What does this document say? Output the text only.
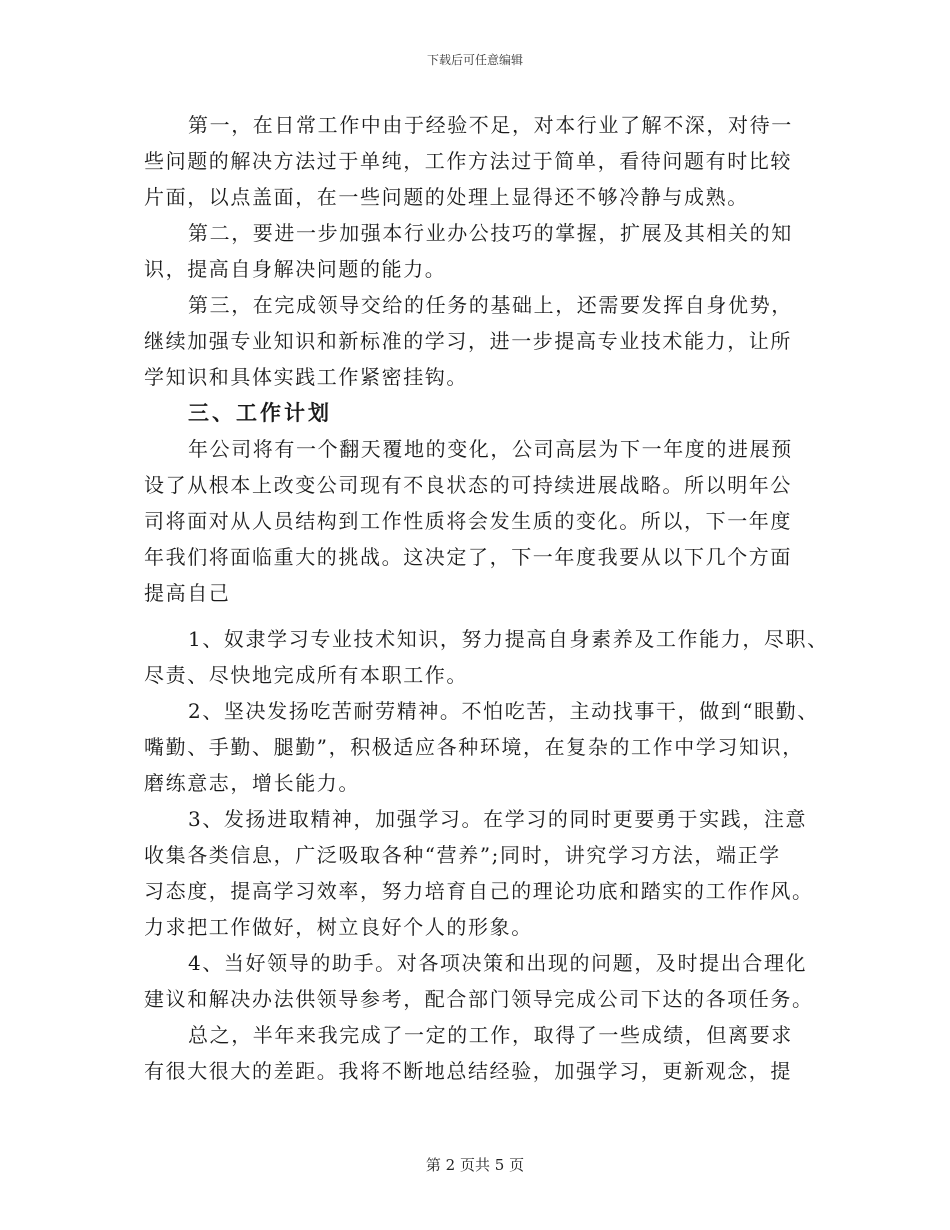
下载后可任意编辑
第一，在日常工作中由于经验不足，对本行业了解不深，对待一
些问题的解决方法过于单纯，工作方法过于简单，看待问题有时比较
片面，以点盖面，在一些问题的处理上显得还不够冷静与成熟。
第二，要进一步加强本行业办公技巧的掌握，扩展及其相关的知
识，提高自身解决问题的能力。
第三，在完成领导交给的任务的基础上，还需要发挥自身优势，
继续加强专业知识和新标准的学习，进一步提高专业技术能力，让所
学知识和具体实践工作紧密挂钩。
三、工作计划
年公司将有一个翻天覆地的变化，公司高层为下一年度的进展预
设了从根本上改变公司现有不良状态的可持续进展战略。所以明年公
司将面对从人员结构到工作性质将会发生质的变化。所以，下一年度
年我们将面临重大的挑战。这决定了，下一年度我要从以下几个方面
提高自己
1、奴隶学习专业技术知识，努力提高自身素养及工作能力，尽职、
尽责、尽快地完成所有本职工作。
2、坚决发扬吃苦耐劳精神。不怕吃苦，主动找事干，做到“眼勤、
嘴勤、手勤、腿勤”，积极适应各种环境，在复杂的工作中学习知识，
磨练意志，增长能力。
3、发扬进取精神，加强学习。在学习的同时更要勇于实践，注意
收集各类信息，广泛吸取各种“营养”;同时，讲究学习方法，端正学
习态度，提高学习效率，努力培育自己的理论功底和踏实的工作作风。
力求把工作做好，树立良好个人的形象。
4、当好领导的助手。对各项决策和出现的问题，及时提出合理化
建议和解决办法供领导参考，配合部门领导完成公司下达的各项任务。
总之，半年来我完成了一定的工作，取得了一些成绩，但离要求
有很大很大的差距。我将不断地总结经验，加强学习，更新观念，提
第 2 页共 5 页
